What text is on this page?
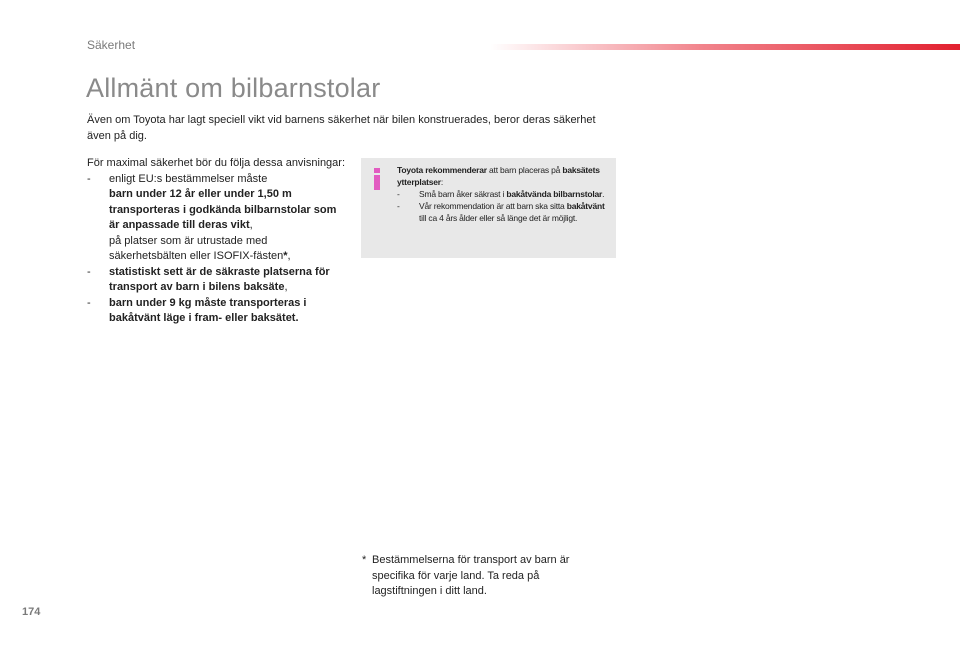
Säkerhet
Allmänt om bilbarnstolar

Även om Toyota har lagt speciell vikt vid barnens säkerhet när bilen konstruerades, beror deras säkerhet även på dig.

För maximal säkerhet bör du följa dessa anvisningar:

- enligt EU:s bestämmelser måste
barn under 12 år eller under 1,50 m transporteras i godkända bilbarnstolar som är anpassade till deras vikt,
på platser som är utrustade med säkerhetsbälten eller ISOFIX-fästen*,

- statistiskt sett är de säkraste platserna för transport av barn i bilens baksäte,

- barn under 9 kg måste transporteras i bakåtvänt läge i fram- eller baksätet.

Toyota rekommenderar att barn placeras på baksätets ytterplatser:

- Små barn åker säkrast i bakåtvända bilbarnstolar.

- Vår rekommendation är att barn ska sitta bakåtvänt till ca 4 års ålder eller så länge det är möjligt.

* Bestämmelserna för transport av barn är specifika för varje land. Ta reda på lagstiftningen i ditt land.
174
